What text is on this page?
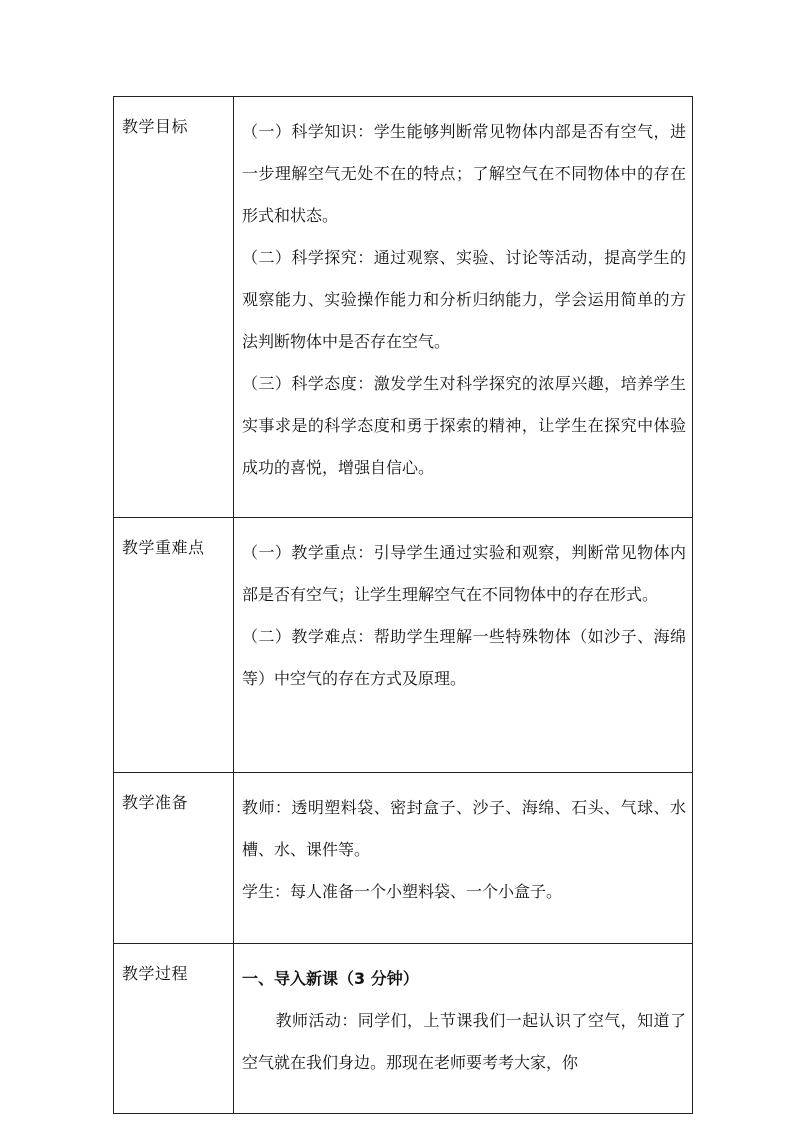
教学目标	（一）科学知识：学生能够判断常见物体内部是否有空气，进一步理解空气无处不在的特点；了解空气在不同物体中的存在形式和状态。

（二）科学探究：通过观察、实验、讨论等活动，提高学生的观察能力、实验操作能力和分析归纳能力，学会运用简单的方法判断物体中是否存在空气。

（三）科学态度：激发学生对科学探究的浓厚兴趣，培养学生实事求是的科学态度和勇于探索的精神，让学生在探究中体验成功的喜悦，增强自信心。

教学重难点	（一）教学重点：引导学生通过实验和观察，判断常见物体内部是否有空气；让学生理解空气在不同物体中的存在形式。

（二）教学难点：帮助学生理解一些特殊物体（如沙子、海绵等）中空气的存在方式及原理。

教学准备	教师：透明塑料袋、密封盒子、沙子、海绵、石头、气球、水槽、水、课件等。

学生：每人准备一个小塑料袋、一个小盒子。

教学过程	一、导入新课（3 分钟）

教师活动：同学们，上节课我们一起认识了空气，知道了空气就在我们身边。那现在老师要考考大家，你
